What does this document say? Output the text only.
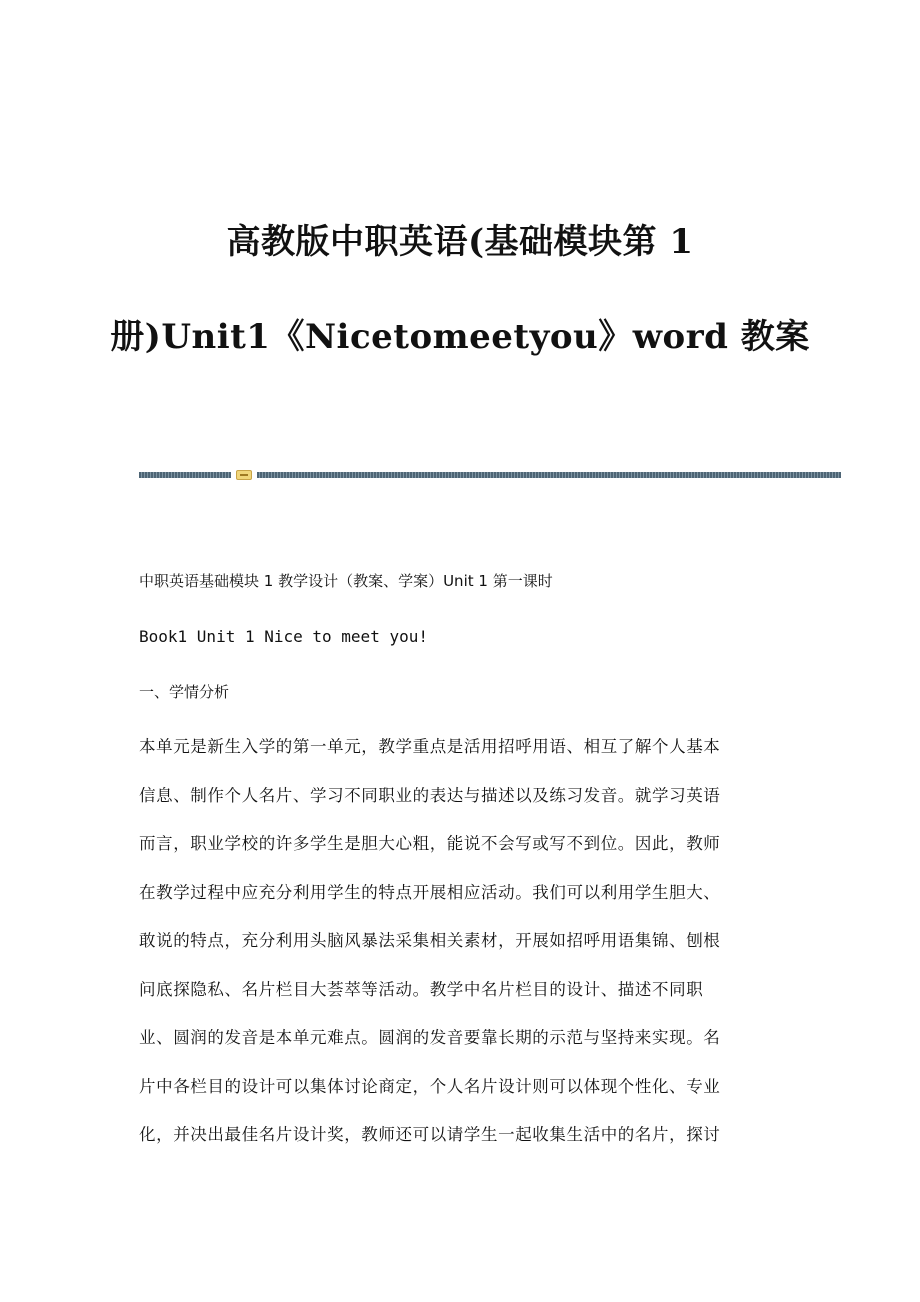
高教版中职英语(基础模块第 1
册)Unit1《Nicetomeetyou》word 教案
中职英语基础模块 1 教学设计（教案、学案）Unit 1 第一课时
Book1 Unit 1 Nice to meet you!
一、学情分析
本单元是新生入学的第一单元，教学重点是活用招呼用语、相互了解个人基本
信息、制作个人名片、学习不同职业的表达与描述以及练习发音。就学习英语
而言，职业学校的许多学生是胆大心粗，能说不会写或写不到位。因此，教师
在教学过程中应充分利用学生的特点开展相应活动。我们可以利用学生胆大、
敢说的特点，充分利用头脑风暴法采集相关素材，开展如招呼用语集锦、刨根
问底探隐私、名片栏目大荟萃等活动。教学中名片栏目的设计、描述不同职
业、圆润的发音是本单元难点。圆润的发音要靠长期的示范与坚持来实现。名
片中各栏目的设计可以集体讨论商定，个人名片设计则可以体现个性化、专业
化，并决出最佳名片设计奖，教师还可以请学生一起收集生活中的名片，探讨
